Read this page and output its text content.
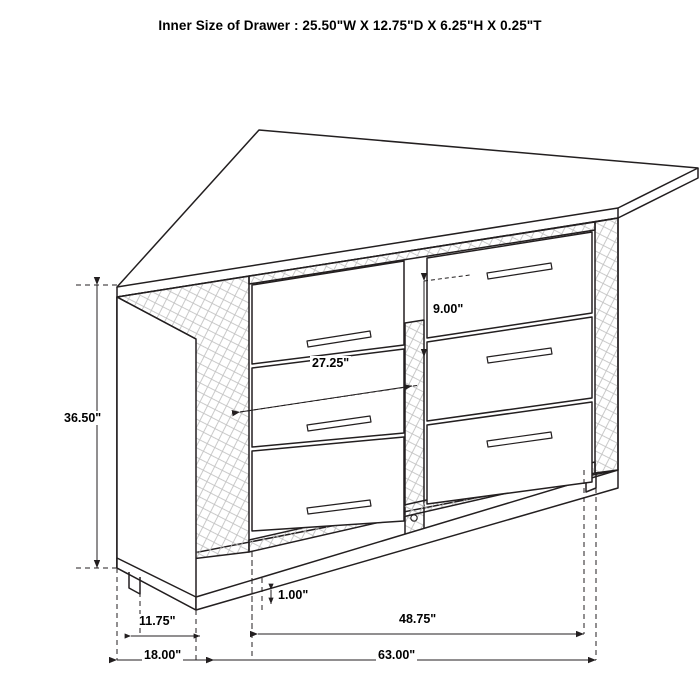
Inner Size of Drawer : 25.50"W X 12.75"D X 6.25"H X 0.25"T
36.50"
27.25"
9.00"
1.00"
11.75"
18.00"
48.75"
63.00"
